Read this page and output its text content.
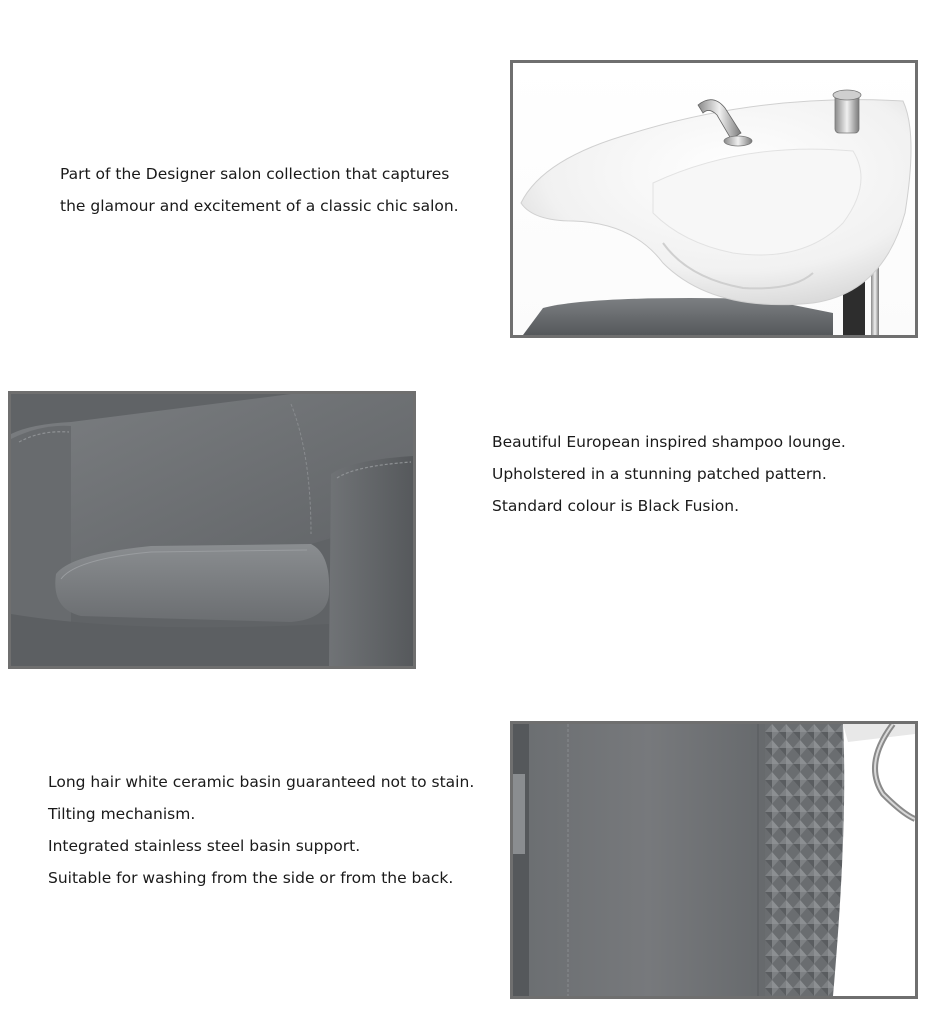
Part of the Designer salon collection that captures

the glamour and excitement of a classic chic salon.

Beautiful European inspired shampoo lounge.

Upholstered in a stunning patched pattern.

Standard colour is Black Fusion.

Long hair white ceramic basin guaranteed not to stain.

Tilting mechanism.

Integrated stainless steel basin support.

Suitable for washing from the side or from the back.
